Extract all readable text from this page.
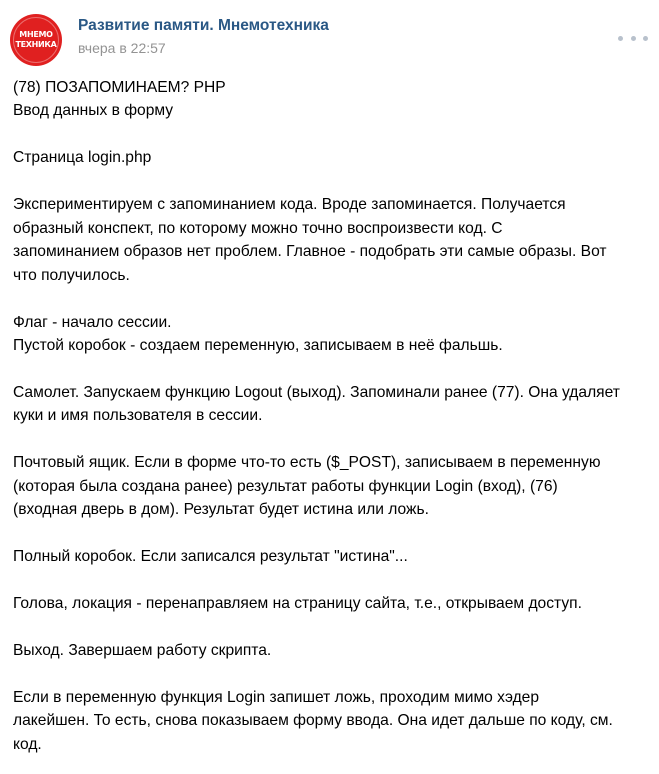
МНЕМО
ТЕХНИКА
Развитие памяти. Мнемотехника
вчера в 22:57
(78) ПОЗАПОМИНАЕМ? PHP
Ввод данных в форму
Страница login.php
Экспериментируем с запоминанием кода. Вроде запоминается. Получается
образный конспект, по которому можно точно воспроизвести код. С
запоминанием образов нет проблем. Главное - подобрать эти самые образы. Вот
что получилось.
Флаг - начало сессии.
Пустой коробок - создаем переменную, записываем в неё фальшь.
Самолет. Запускаем функцию Logout (выход). Запоминали ранее (77). Она удаляет
куки и имя пользователя в сессии.
Почтовый ящик. Если в форме что-то есть ($_POST), записываем в переменную
(которая была создана ранее) результат работы функции Login (вход), (76)
(входная дверь в дом). Результат будет истина или ложь.
Полный коробок. Если записался результат "истина"...
Голова, локация - перенаправляем на страницу сайта, т.е., открываем доступ.
Выход. Завершаем работу скрипта.
Если в переменную функция Login запишет ложь, проходим мимо хэдер
лакейшен. То есть, снова показываем форму ввода. Она идет дальше по коду, см.
код.
